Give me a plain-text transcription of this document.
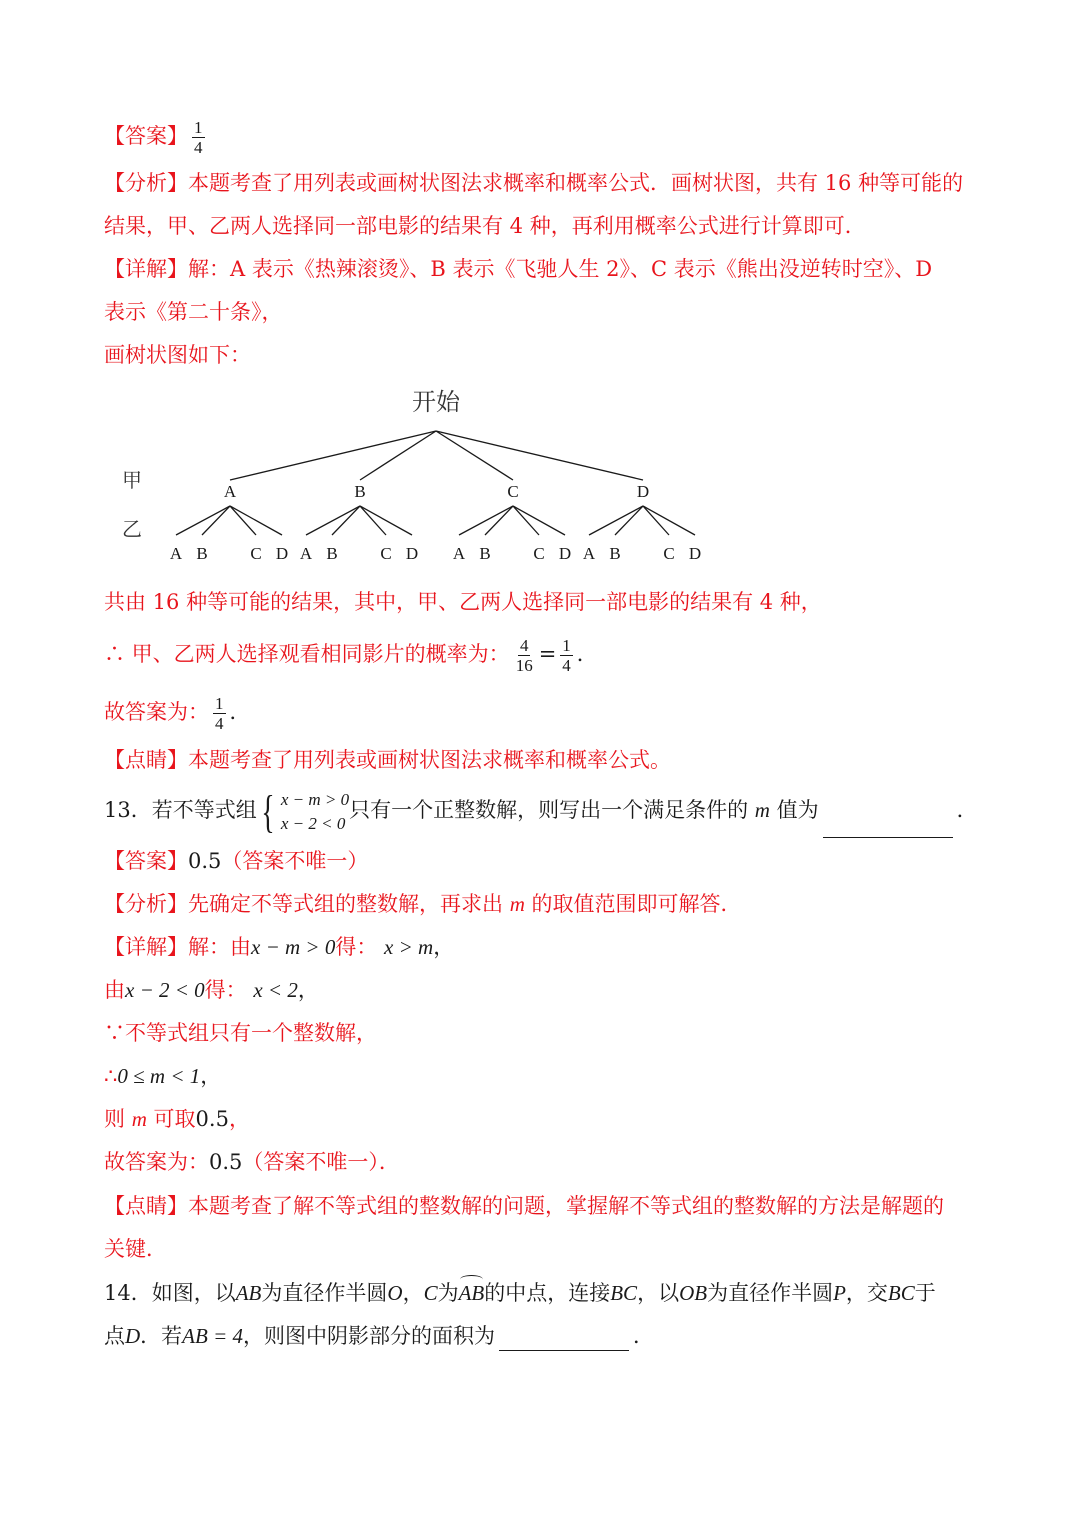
【答案】 $\frac{1}{4}$
【分析】本题考查了用列表或画树状图法求概率和概率公式．画树状图，共有 16 种等可能的
结果，甲、乙两人选择同一部电影的结果有 4 种，再利用概率公式进行计算即可．
【详解】解：A 表示《热辣滚烫》、B 表示《飞驰人生 2》、C 表示《熊出没逆转时空》、D
表示《第二十条》，
画树状图如下：
开始
甲
乙
A
A B	C D
B
A B	C D
C
A B	C D
D
A B	C D
共由 16 种等可能的结果，其中，甲、乙两人选择同一部电影的结果有 4 种，
∴ 甲、乙两人选择观看相同影片的概率为： $\frac{4}{16} = \frac{1}{4}$ ．
故答案为： $\frac{1}{4}$ ．
【点睛】本题考查了用列表或画树状图法求概率和概率公式。
13．若不等式组 { x − m > 0
x − 2 < 0
只有一个正整数解，则写出一个满足条件的 m 值为	．
【答案】0.5（答案不唯一）
【分析】先确定不等式组的整数解，再求出 m 的取值范围即可解答．
【详解】解：由x − m > 0得： x > m，
由x − 2 < 0得： x < 2，
∵不等式组只有一个整数解，
∴0 ≤ m < 1，
则 m 可取0.5，
故答案为：0.5（答案不唯一）．
【点睛】本题考查了解不等式组的整数解的问题，掌握解不等式组的整数解的方法是解题的
关键．
14．如图，以AB为直径作半圆O，C为AB的中点，连接BC，以OB为直径作半圆P，交BC于
点D．若AB = 4，则图中阴影部分的面积为	．
